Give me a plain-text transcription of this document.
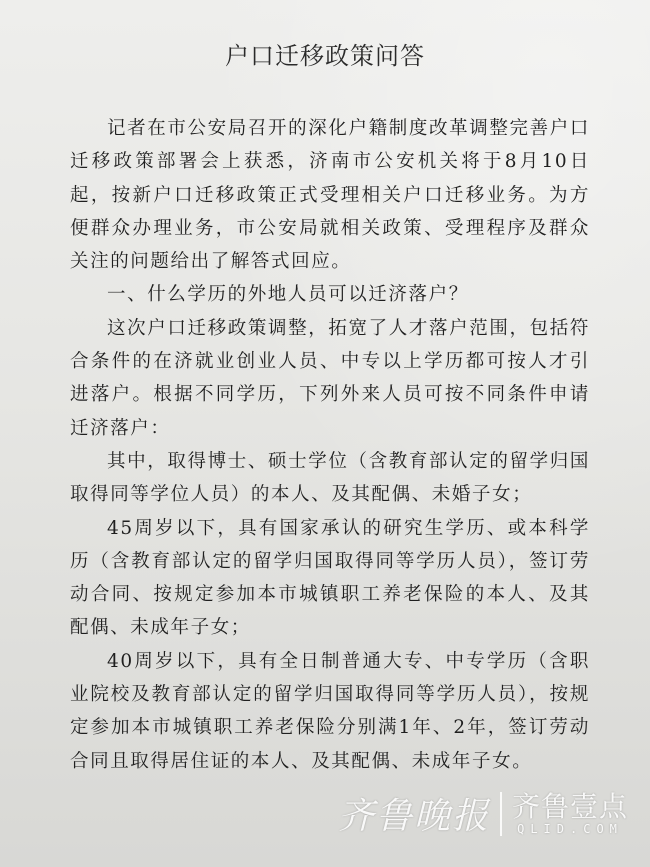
户口迁移政策问答

记者在市公安局召开的深化户籍制度改革调整完善户口迁移政策部署会上获悉，济南市公安机关将于8月10日起，按新户口迁移政策正式受理相关户口迁移业务。为方便群众办理业务，市公安局就相关政策、受理程序及群众关注的问题给出了解答式回应。

一、什么学历的外地人员可以迁济落户？

这次户口迁移政策调整，拓宽了人才落户范围，包括符合条件的在济就业创业人员、中专以上学历都可按人才引进落户。根据不同学历，下列外来人员可按不同条件申请迁济落户：

其中，取得博士、硕士学位（含教育部认定的留学归国取得同等学位人员）的本人、及其配偶、未婚子女；

45周岁以下，具有国家承认的研究生学历、或本科学历（含教育部认定的留学归国取得同等学历人员），签订劳动合同、按规定参加本市城镇职工养老保险的本人、及其配偶、未成年子女；

40周岁以下，具有全日制普通大专、中专学历（含职业院校及教育部认定的留学归国取得同等学历人员），按规定参加本市城镇职工养老保险分别满1年、2年，签订劳动合同且取得居住证的本人、及其配偶、未成年子女。

齐鲁晚报 齐鲁壹点
QLID.COM
